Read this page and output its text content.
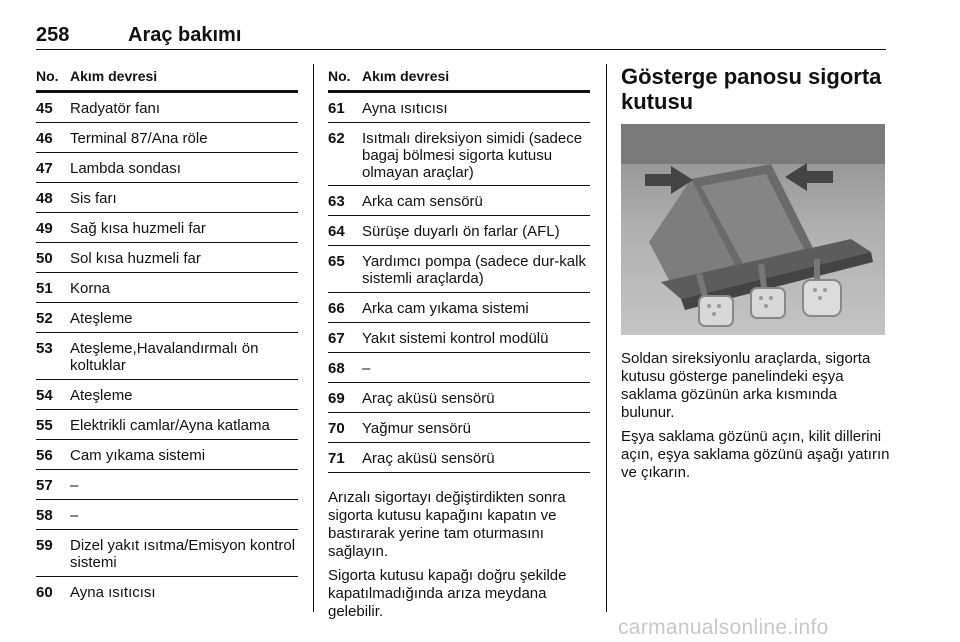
258	Araç bakımı
No. Akım devresi
45 Radyatör fanı
46 Terminal 87/Ana röle
47 Lambda sondası
48 Sis farı
49 Sağ kısa huzmeli far
50 Sol kısa huzmeli far
51 Korna
52 Ateşleme
53 Ateşleme,Havalandırmalı ön koltuklar
54 Ateşleme
55 Elektrikli camlar/Ayna katlama
56 Cam yıkama sistemi
57 –
58 –
59 Dizel yakıt ısıtma/Emisyon kontrol sistemi
60 Ayna ısıtıcısı
No. Akım devresi
61 Ayna ısıtıcısı
62 Isıtmalı direksiyon simidi (sadece bagaj bölmesi sigorta kutusu olmayan araçlar)
63 Arka cam sensörü
64 Sürüşe duyarlı ön farlar (AFL)
65 Yardımcı pompa (sadece dur-kalk sistemli araçlarda)
66 Arka cam yıkama sistemi
67 Yakıt sistemi kontrol modülü
68 –
69 Araç aküsü sensörü
70 Yağmur sensörü
71 Araç aküsü sensörü

Arızalı sigortayı değiştirdikten sonra sigorta kutusu kapağını kapatın ve bastırarak yerine tam oturmasını sağlayın.

Sigorta kutusu kapağı doğru şekilde kapatılmadığında arıza meydana gelebilir.

Gösterge panosu sigorta kutusu

Soldan sireksiyonlu araçlarda, sigorta kutusu gösterge panelindeki eşya saklama gözünün arka kısmında bulunur.

Eşya saklama gözünü açın, kilit dillerini açın, eşya saklama gözünü aşağı yatırın ve çıkarın.

carmanualsonline.info
